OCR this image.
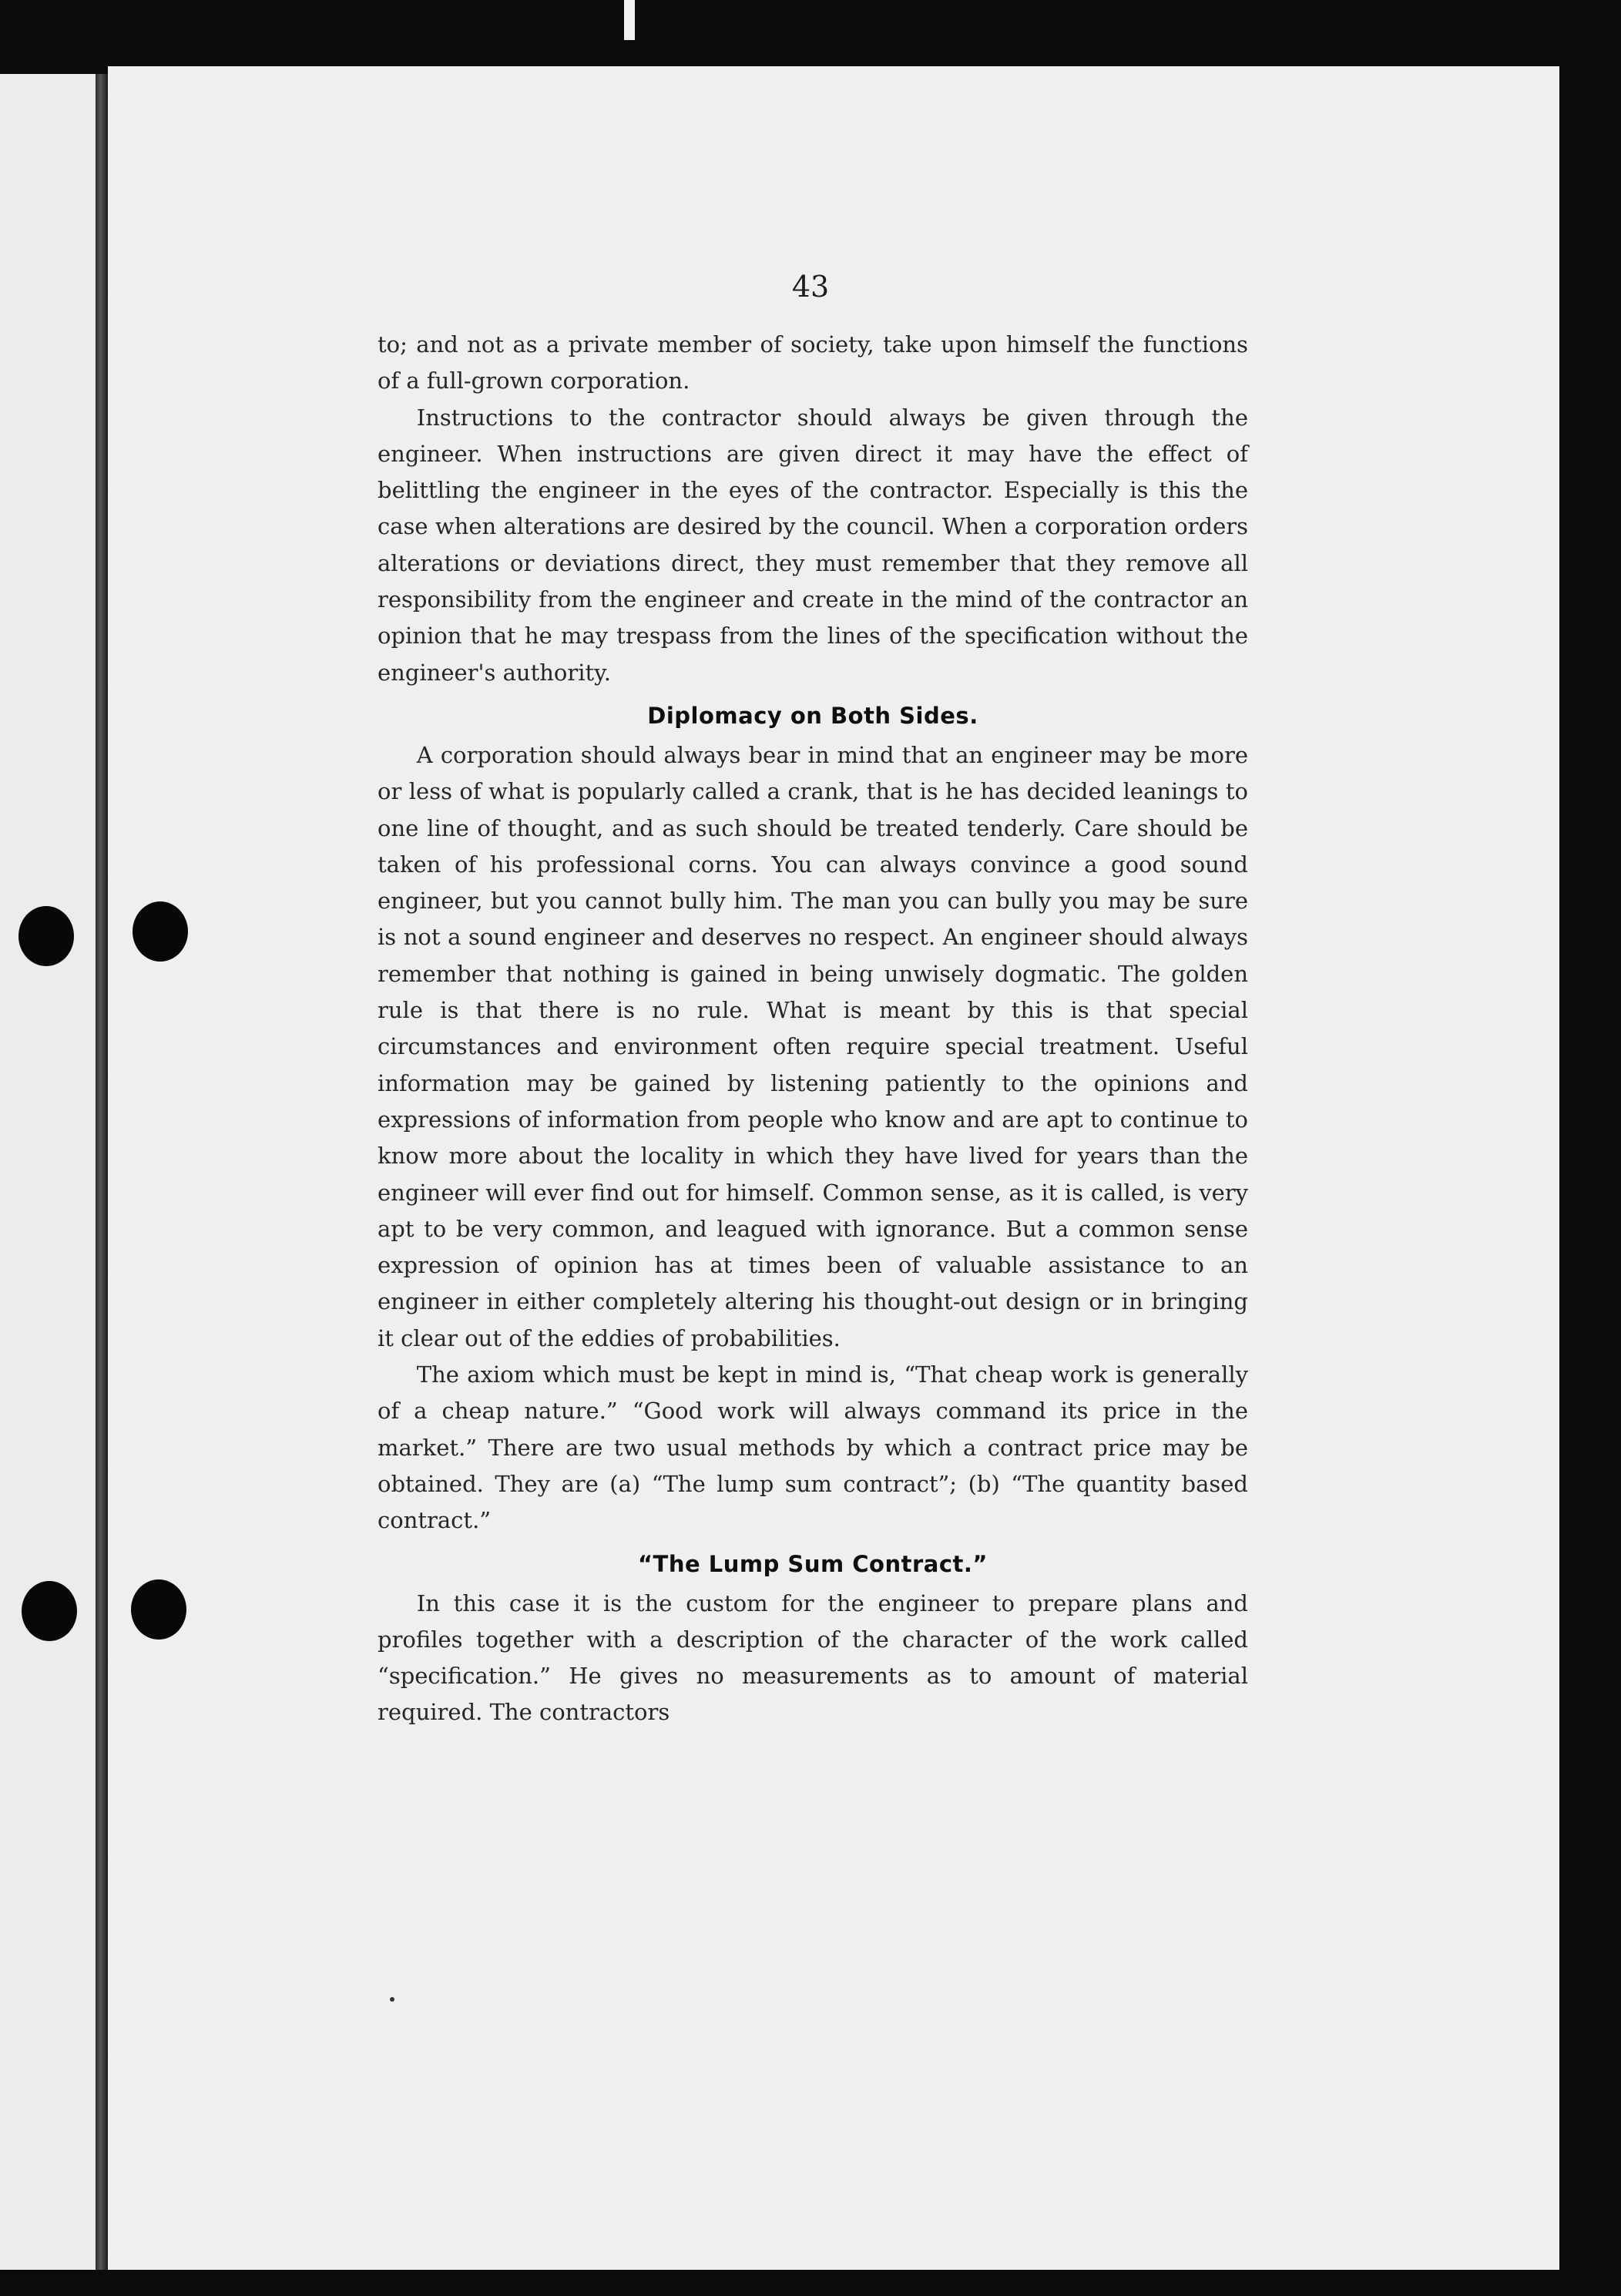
43

to; and not as a private member of society, take upon himself the functions of a full-grown corporation.

Instructions to the contractor should always be given through the engineer. When instructions are given direct it may have the effect of belittling the engineer in the eyes of the contractor. Especially is this the case when alterations are desired by the council. When a corporation orders alterations or deviations direct, they must remember that they remove all responsibility from the engineer and create in the mind of the contractor an opinion that he may trespass from the lines of the specification without the engineer's authority.

Diplomacy on Both Sides.

A corporation should always bear in mind that an engineer may be more or less of what is popularly called a crank, that is he has decided leanings to one line of thought, and as such should be treated tenderly. Care should be taken of his professional corns. You can always convince a good sound engineer, but you cannot bully him. The man you can bully you may be sure is not a sound engineer and deserves no respect. An engineer should always remember that nothing is gained in being unwisely dogmatic. The golden rule is that there is no rule. What is meant by this is that special circumstances and environment often require special treatment. Useful information may be gained by listening patiently to the opinions and expressions of information from people who know and are apt to continue to know more about the locality in which they have lived for years than the engineer will ever find out for himself. Common sense, as it is called, is very apt to be very common, and leagued with ignorance. But a common sense expression of opinion has at times been of valuable assistance to an engineer in either completely altering his thought-out design or in bringing it clear out of the eddies of probabilities.

The axiom which must be kept in mind is, “That cheap work is generally of a cheap nature.” “Good work will always command its price in the market.” There are two usual methods by which a contract price may be obtained. They are (a) “The lump sum contract”; (b) “The quantity based contract.”

“The Lump Sum Contract.”

In this case it is the custom for the engineer to prepare plans and profiles together with a description of the character of the work called “specification.” He gives no measurements as to amount of material required. The contractors
